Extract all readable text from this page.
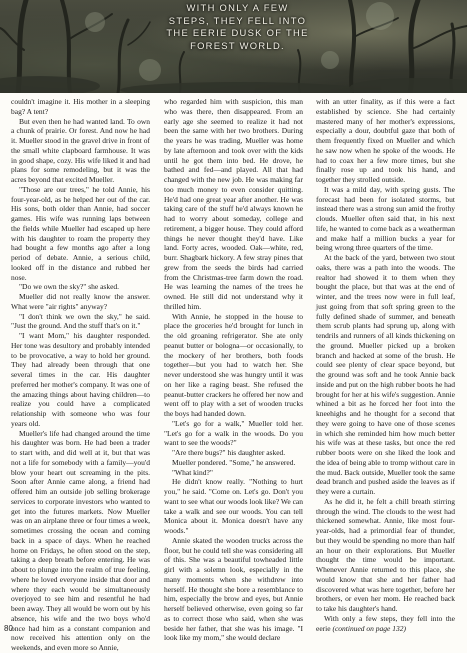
WITH ONLY A FEW
STEPS, THEY FELL INTO
THE EERIE DUSK OF THE
FOREST WORLD.

couldn't imagine it. His mother in a sleeping bag? A tent?

But even then he had wanted land. To own a chunk of prairie. Or forest. And now he had it. Mueller stood in the gravel drive in front of the small white clapboard farmhouse. It was in good shape, cozy. His wife liked it and had plans for some remodeling, but it was the acres beyond that excited Mueller.

"Those are our trees," he told Annie, his four-year-old, as he helped her out of the car. His sons, both older than Annie, had soccer games. His wife was running laps between the fields while Mueller had escaped up here with his daughter to roam the property they had bought a few months ago after a long period of debate. Annie, a serious child, looked off in the distance and rubbed her nose.

"Do we own the sky?" she asked.

Mueller did not really know the answer. What were "air rights" anyway?

"I don't think we own the sky," he said. "Just the ground. And the stuff that's on it."

"I want Mom," his daughter responded. Her tone was desultory and probably intended to be provocative, a way to hold her ground. They had already been through that one several times in the car. His daughter preferred her mother's company. It was one of the amazing things about having children—to realize you could have a complicated relationship with someone who was four years old.

Mueller's life had changed around the time his daughter was born. He had been a trader to start with, and did well at it, but that was not a life for somebody with a family—you'd blow your heart out screaming in the pits. Soon after Annie came along, a friend had offered him an outside job selling brokerage services to corporate investors who wanted to get into the futures markets. Now Mueller was on an airplane three or four times a week, sometimes crossing the ocean and coming back in a space of days. When he reached home on Fridays, he often stood on the step, taking a deep breath before entering. He was about to plunge into the realm of true feeling, where he loved everyone inside that door and where they each would be simultaneously overjoyed to see him and resentful he had been away. They all would be worn out by his absence, his wife and the two boys who'd once had him as a constant companion and now received his attention only on the weekends, and even more so Annie,

who regarded him with suspicion, this man who was there, then disappeared. From an early age she seemed to realize it had not been the same with her two brothers. During the years he was trading, Mueller was home by late afternoon and took over with the kids until he got them into bed. He drove, he bathed and fed—and played. All that had changed with the new job. He was making far too much money to even consider quitting. He'd had one great year after another. He was taking care of the stuff he'd always known he had to worry about someday, college and retirement, a bigger house. They could afford things he never thought they'd have. Like land. Forty acres, wooded. Oak—white, red, burr. Shagbark hickory. A few stray pines that grew from the seeds the birds had carried from the Christmas-tree farm down the road. He was learning the names of the trees he owned. He still did not understand why it thrilled him.

With Annie, he stopped in the house to place the groceries he'd brought for lunch in the old groaning refrigerator. She ate only peanut butter or bologna—or occasionally, to the mockery of her brothers, both foods together—but you had to watch her. She never understood she was hungry until it was on her like a raging beast. She refused the peanut-butter crackers he offered her now and went off to play with a set of wooden trucks the boys had handed down.

"Let's go for a walk," Mueller told her. "Let's go for a walk in the woods. Do you want to see the woods?"

"Are there bugs?" his daughter asked.

Mueller pondered. "Some," he answered.

"What kind?"

He didn't know really. "Nothing to hurt you," he said. "Come on. Let's go. Don't you want to see what our woods look like? We can take a walk and see our woods. You can tell Monica about it. Monica doesn't have any woods."

Annie skated the wooden trucks across the floor, but he could tell she was considering all of this. She was a beautiful towheaded little girl with a solemn look, especially in the many moments when she withdrew into herself. He thought she bore a resemblance to him, especially the brow and eyes, but Annie herself believed otherwise, even going so far as to correct those who said, when she was beside her father, that she was his image. "I look like my mom," she would declare

with an utter finality, as if this were a fact established by science. She had certainly mastered many of her mother's expressions, especially a dour, doubtful gaze that both of them frequently fixed on Mueller and which he saw now when he spoke of the woods. He had to coax her a few more times, but she finally rose up and took his hand, and together they strolled outside.

It was a mild day, with spring gusts. The forecast had been for isolated storms, but instead there was a strong sun amid the frothy clouds. Mueller often said that, in his next life, he wanted to come back as a weatherman and make half a million bucks a year for being wrong three quarters of the time.

At the back of the yard, between two stout oaks, there was a path into the woods. The realtor had showed it to them when they bought the place, but that was at the end of winter, and the trees now were in full leaf, just going from that soft spring green to the fully defined shade of summer, and beneath them scrub plants had sprung up, along with tendrils and runners of all kinds thickening on the ground. Mueller picked up a broken branch and hacked at some of the brush. He could see plenty of clear space beyond, but the ground was soft and he took Annie back inside and put on the high rubber boots he had brought for her at his wife's suggestion. Annie whined a bit as he forced her foot into the kneehighs and he thought for a second that they were going to have one of those scenes in which she reminded him how much better his wife was at these tasks, but once the red rubber boots were on she liked the look and the idea of being able to tromp without care in the mud. Back outside, Mueller took the same dead branch and pushed aside the leaves as if they were a curtain.

As he did it, he felt a chill breath stirring through the wind. The clouds to the west had thickened somewhat. Annie, like most four-year-olds, had a primordial fear of thunder, but they would be spending no more than half an hour on their explorations. But Mueller thought the time would be important. Whenever Annie returned to this place, she would know that she and her father had discovered what was here together, before her brothers, or even her mom. He reached back to take his daughter's hand.

With only a few steps, they fell into the eerie (continued on page 132)

80
